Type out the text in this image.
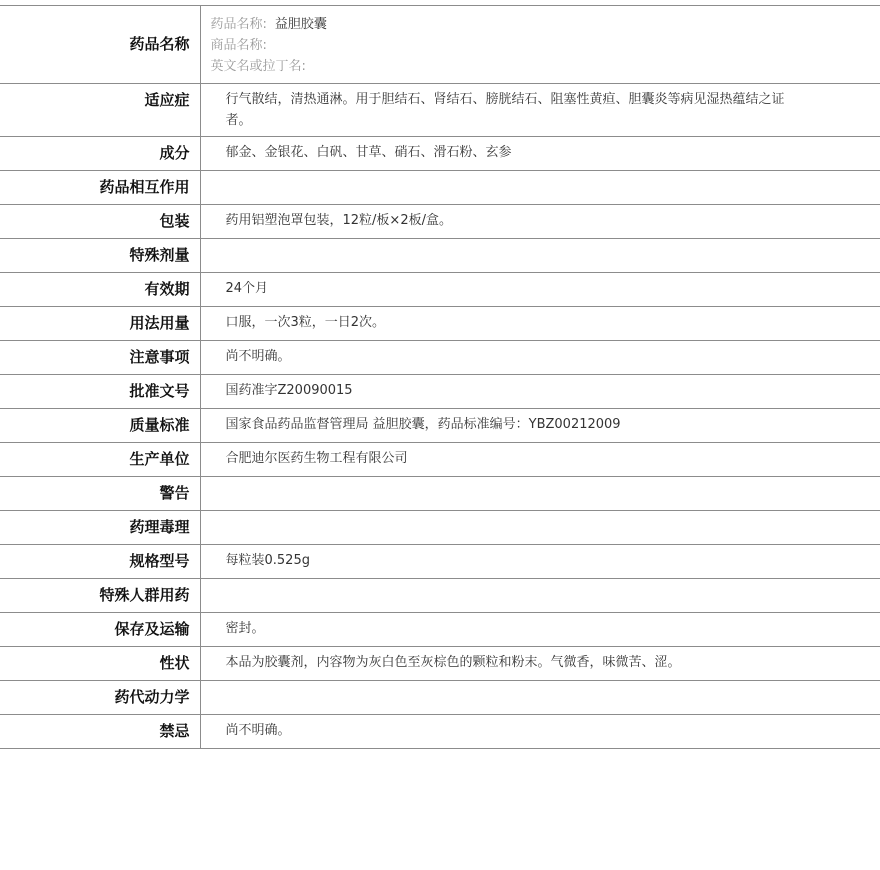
药品名称	药品名称: 益胆胶囊
商品名称:
英文名或拉丁名:

适应症	行气散结，清热通淋。用于胆结石、肾结石、膀胱结石、阻塞性黄疸、胆囊炎等病见湿热蕴结之证者。
成分	郁金、金银花、白矾、甘草、硝石、滑石粉、玄参
药品相互作用	
包装	药用铝塑泡罩包装，12粒/板×2板/盒。
特殊剂量	
有效期	24个月
用法用量	口服，一次3粒，一日2次。
注意事项	尚不明确。
批准文号	国药准字Z20090015
质量标准	国家食品药品监督管理局 益胆胶囊，药品标准编号：YBZ00212009
生产单位	合肥迪尔医药生物工程有限公司
警告	
药理毒理	
规格型号	每粒装0.525g
特殊人群用药	
保存及运输	密封。
性状	本品为胶囊剂，内容物为灰白色至灰棕色的颗粒和粉末。气微香，味微苦、涩。
药代动力学	
禁忌	尚不明确。
